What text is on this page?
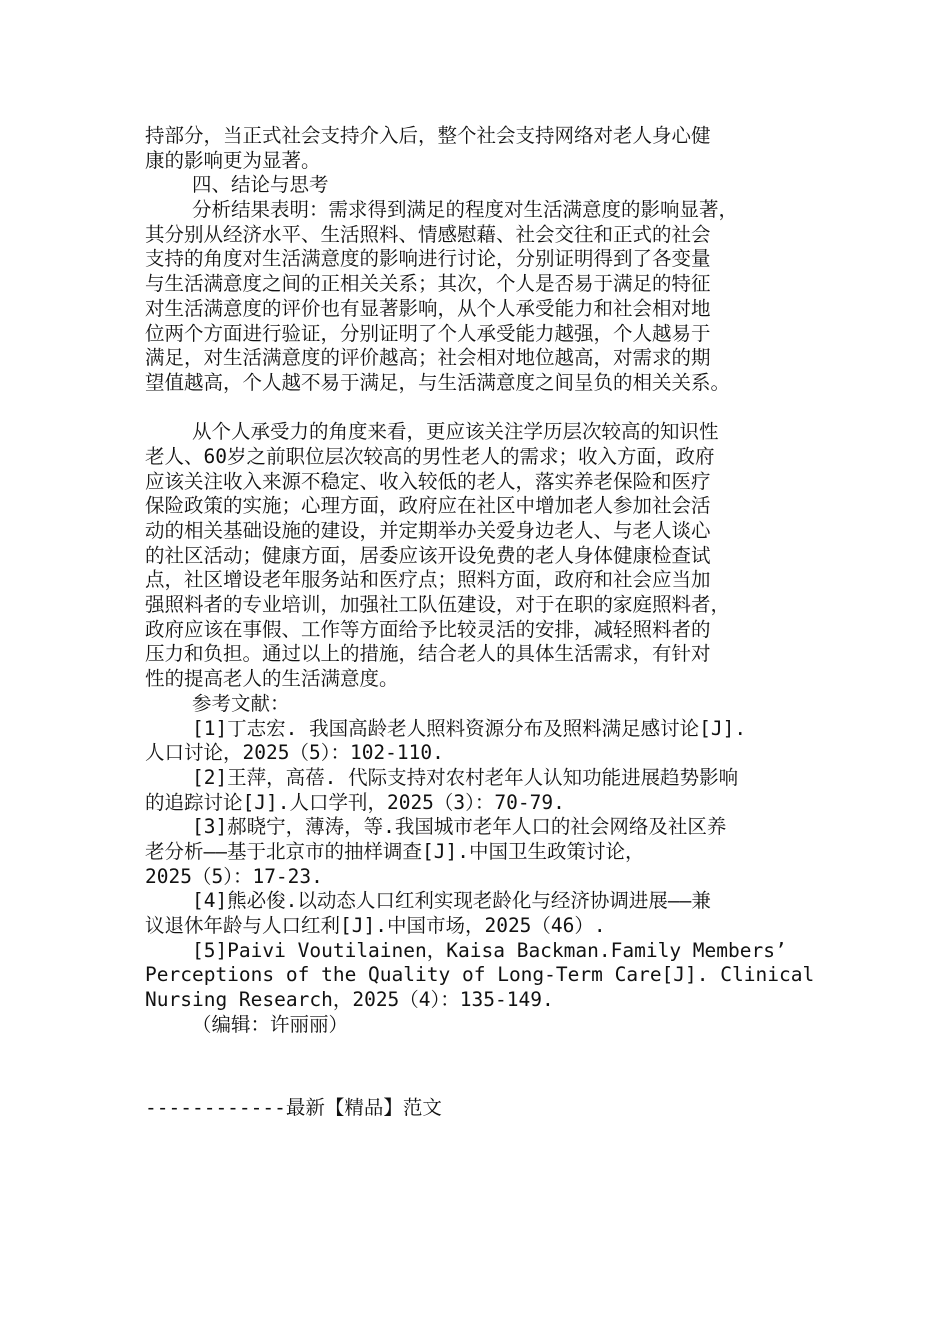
持部分，当正式社会支持介入后，整个社会支持网络对老人身心健
康的影响更为显著。
四、结论与思考
分析结果表明：需求得到满足的程度对生活满意度的影响显著，
其分别从经济水平、生活照料、情感慰藉、社会交往和正式的社会
支持的角度对生活满意度的影响进行讨论，分别证明得到了各变量
与生活满意度之间的正相关关系；其次，个人是否易于满足的特征
对生活满意度的评价也有显著影响，从个人承受能力和社会相对地
位两个方面进行验证，分别证明了个人承受能力越强，个人越易于
满足，对生活满意度的评价越高；社会相对地位越高，对需求的期
望值越高，个人越不易于满足，与生活满意度之间呈负的相关关系。
从个人承受力的角度来看，更应该关注学历层次较高的知识性
老人、60岁之前职位层次较高的男性老人的需求；收入方面，政府
应该关注收入来源不稳定、收入较低的老人，落实养老保险和医疗
保险政策的实施；心理方面，政府应在社区中增加老人参加社会活
动的相关基础设施的建设，并定期举办关爱身边老人、与老人谈心
的社区活动；健康方面，居委应该开设免费的老人身体健康检查试
点，社区增设老年服务站和医疗点；照料方面，政府和社会应当加
强照料者的专业培训，加强社工队伍建设，对于在职的家庭照料者，
政府应该在事假、工作等方面给予比较灵活的安排，减轻照料者的
压力和负担。通过以上的措施，结合老人的具体生活需求，有针对
性的提高老人的生活满意度。
参考文献：
[1]丁志宏. 我国高龄老人照料资源分布及照料满足感讨论[J].
人口讨论，2025（5）：102-110.
[2]王萍，高蓓. 代际支持对农村老年人认知功能进展趋势影响
的追踪讨论[J].人口学刊，2025（3）：70-79.
[3]郝晓宁，薄涛，等.我国城市老年人口的社会网络及社区养
老分析——基于北京市的抽样调查[J].中国卫生政策讨论，
2025（5）：17-23.
[4]熊必俊.以动态人口红利实现老龄化与经济协调进展——兼
议退休年龄与人口红利[J].中国市场，2025（46）.
[5]Paivi Voutilainen，Kaisa Backman.Family Members’
Perceptions of the Quality of Long-Term Care[J]. Clinical
Nursing Research，2025（4）：135-149.
（编辑：许丽丽）
------------最新【精品】范文
